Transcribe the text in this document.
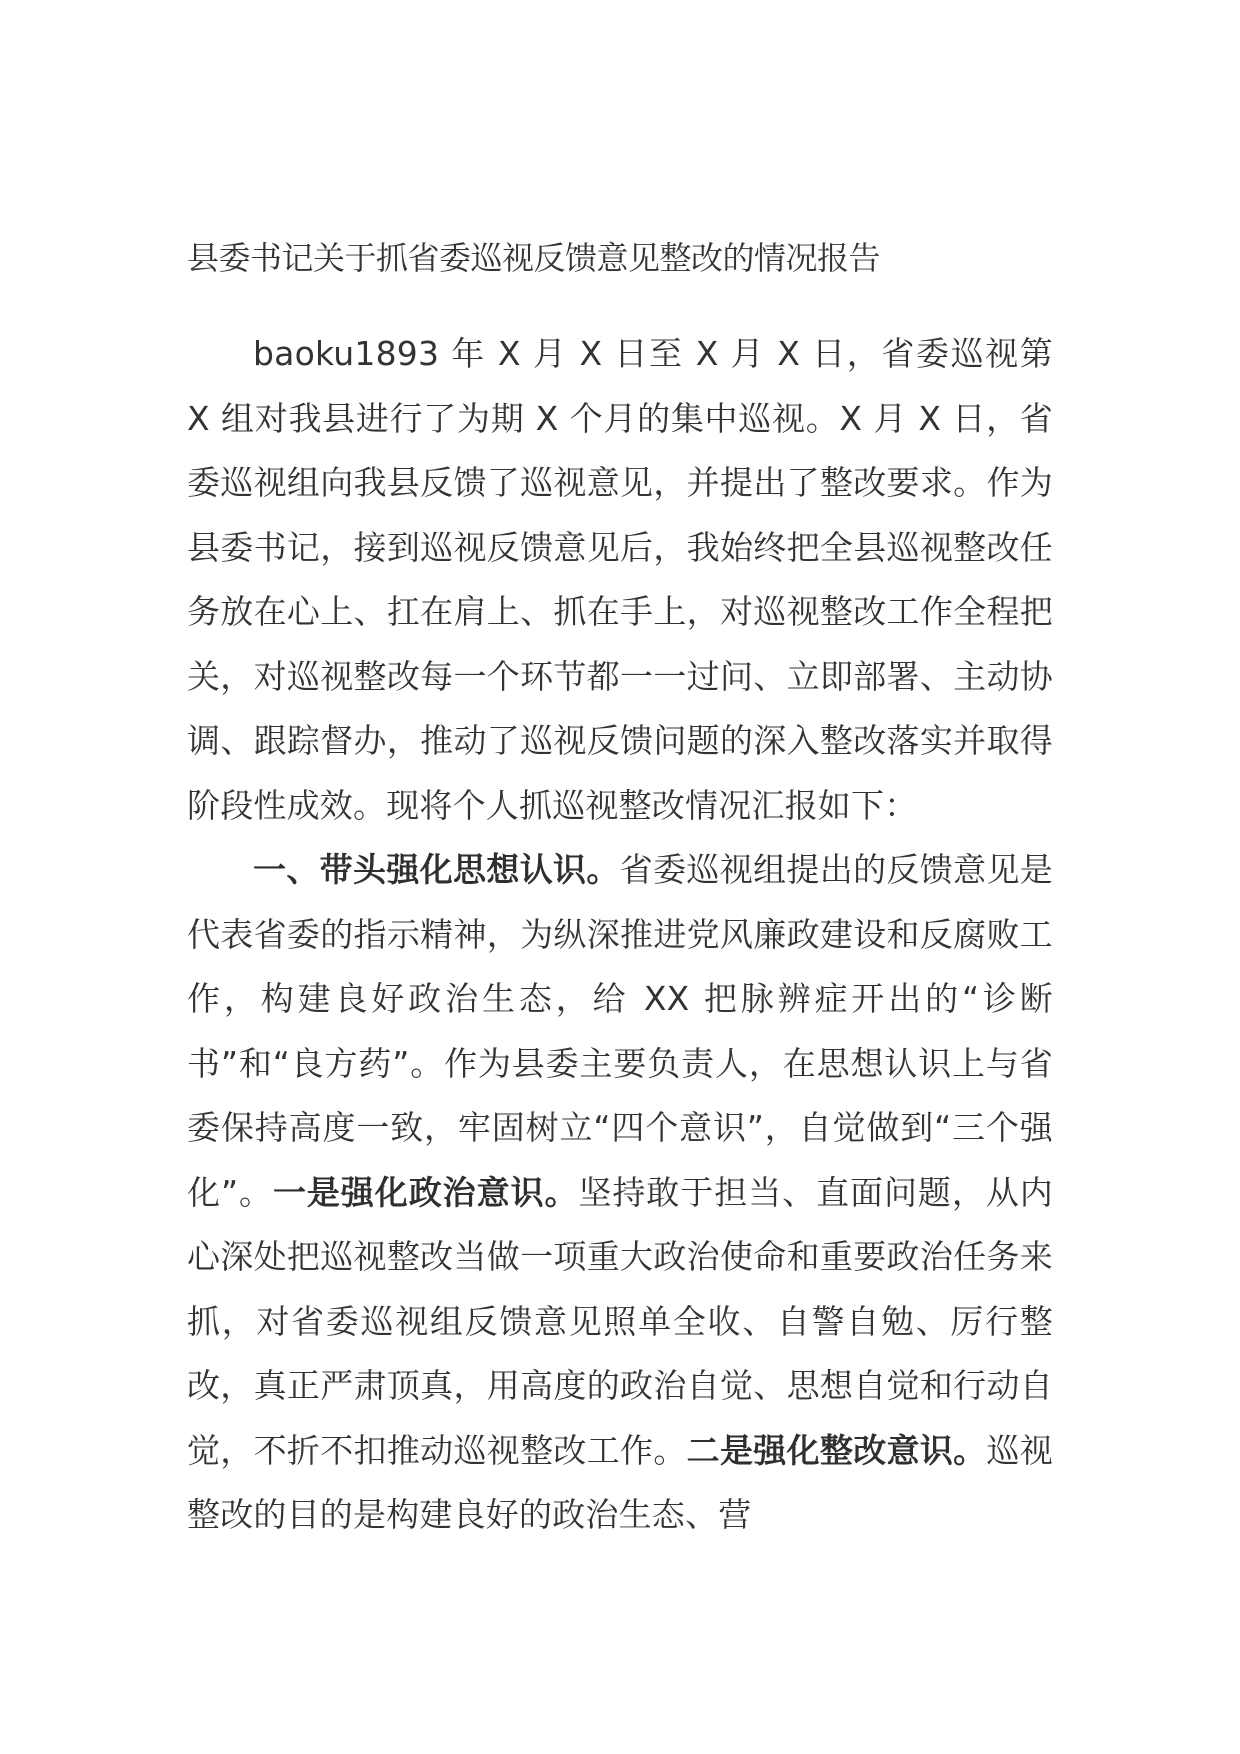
县委书记关于抓省委巡视反馈意见整改的情况报告

baoku1893 年 X 月 X 日至 X 月 X 日，省委巡视第 X 组对我县进行了为期 X 个月的集中巡视。X 月 X 日，省委巡视组向我县反馈了巡视意见，并提出了整改要求。作为县委书记，接到巡视反馈意见后，我始终把全县巡视整改任务放在心上、扛在肩上、抓在手上，对巡视整改工作全程把关，对巡视整改每一个环节都一一过问、立即部署、主动协调、跟踪督办，推动了巡视反馈问题的深入整改落实并取得阶段性成效。现将个人抓巡视整改情况汇报如下：

一、带头强化思想认识。省委巡视组提出的反馈意见是代表省委的指示精神，为纵深推进党风廉政建设和反腐败工作，构建良好政治生态，给 XX 把脉辨症开出的“诊断书”和“良方药”。作为县委主要负责人，在思想认识上与省委保持高度一致，牢固树立“四个意识”，自觉做到“三个强化”。一是强化政治意识。坚持敢于担当、直面问题，从内心深处把巡视整改当做一项重大政治使命和重要政治任务来抓，对省委巡视组反馈意见照单全收、自警自勉、厉行整改，真正严肃顶真，用高度的政治自觉、思想自觉和行动自觉，不折不扣推动巡视整改工作。二是强化整改意识。巡视整改的目的是构建良好的政治生态、营
